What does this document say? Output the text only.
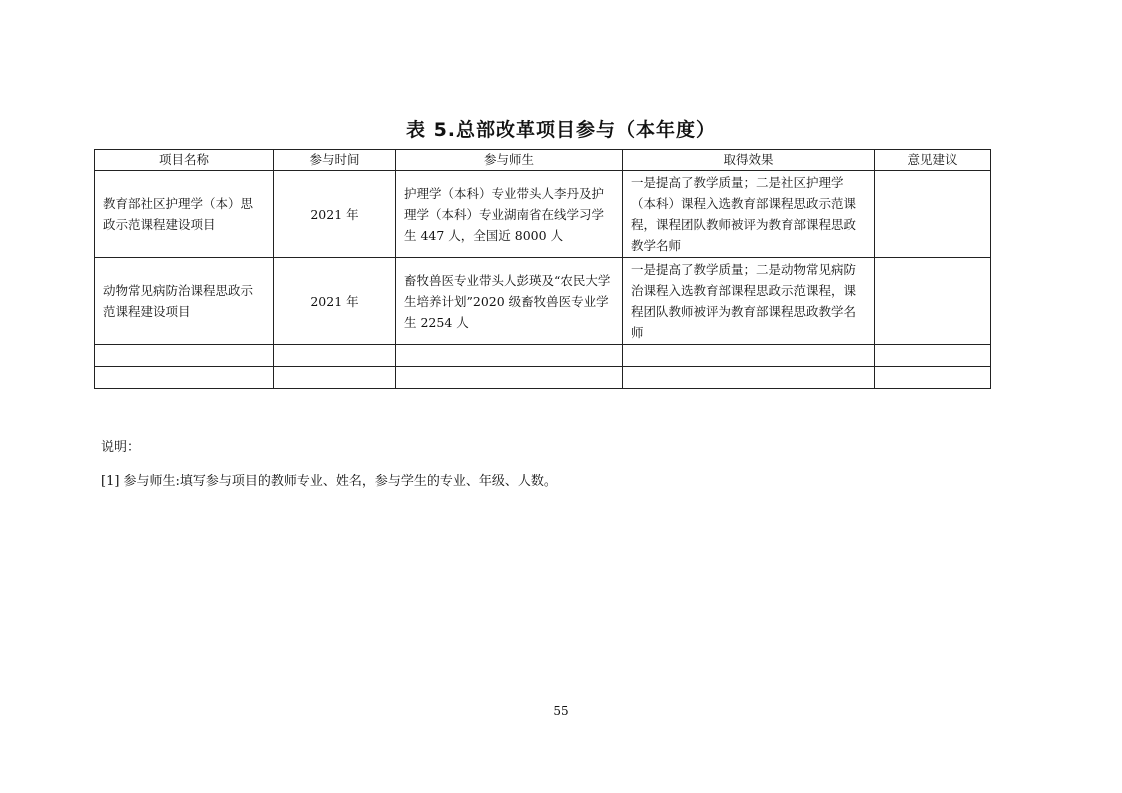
表 5.总部改革项目参与（本年度）
项目名称	参与时间	参与师生	取得效果	意见建议
教育部社区护理学（本）思政示范课程建设项目	2021 年	护理学（本科）专业带头人李丹及护理学（本科）专业湖南省在线学习学生 447 人，全国近 8000 人	一是提高了教学质量；二是社区护理学（本科）课程入选教育部课程思政示范课程，课程团队教师被评为教育部课程思政教学名师	
动物常见病防治课程思政示范课程建设项目	2021 年	畜牧兽医专业带头人彭瑛及“农民大学生培养计划”2020 级畜牧兽医专业学生 2254 人	一是提高了教学质量；二是动物常见病防治课程入选教育部课程思政示范课程，课程团队教师被评为教育部课程思政教学名师	

说明：
[1] 参与师生:填写参与项目的教师专业、姓名，参与学生的专业、年级、人数。
55
